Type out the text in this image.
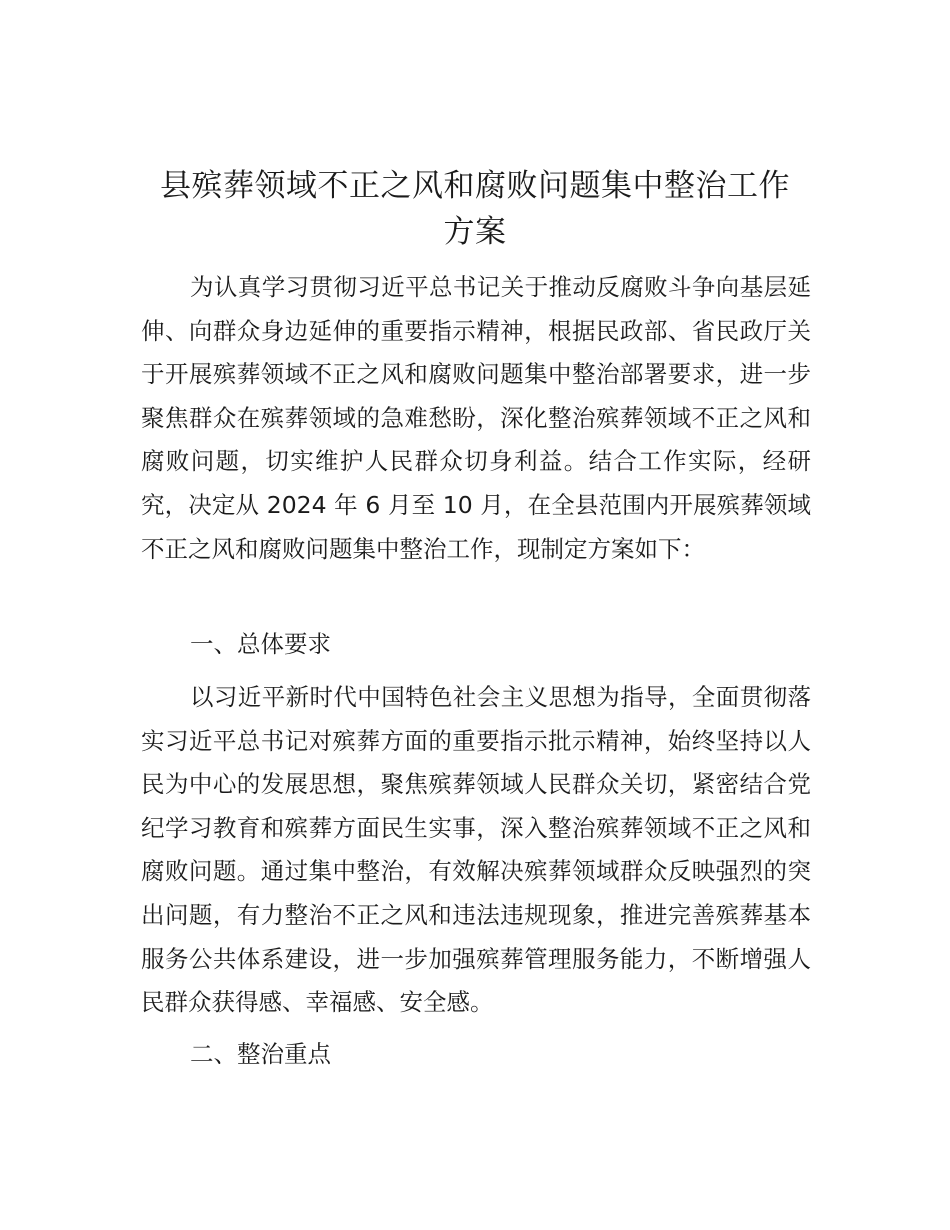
县殡葬领域不正之风和腐败问题集中整治工作
方案

为认真学习贯彻习近平总书记关于推动反腐败斗争向基层延伸、向群众身边延伸的重要指示精神，根据民政部、省民政厅关于开展殡葬领域不正之风和腐败问题集中整治部署要求，进一步聚焦群众在殡葬领域的急难愁盼，深化整治殡葬领域不正之风和腐败问题，切实维护人民群众切身利益。结合工作实际，经研究，决定从 2024 年 6 月至 10 月，在全县范围内开展殡葬领域不正之风和腐败问题集中整治工作，现制定方案如下：

一、总体要求

以习近平新时代中国特色社会主义思想为指导，全面贯彻落实习近平总书记对殡葬方面的重要指示批示精神，始终坚持以人民为中心的发展思想，聚焦殡葬领域人民群众关切，紧密结合党纪学习教育和殡葬方面民生实事，深入整治殡葬领域不正之风和腐败问题。通过集中整治，有效解决殡葬领域群众反映强烈的突出问题，有力整治不正之风和违法违规现象，推进完善殡葬基本服务公共体系建设，进一步加强殡葬管理服务能力，不断增强人民群众获得感、幸福感、安全感。

二、整治重点
